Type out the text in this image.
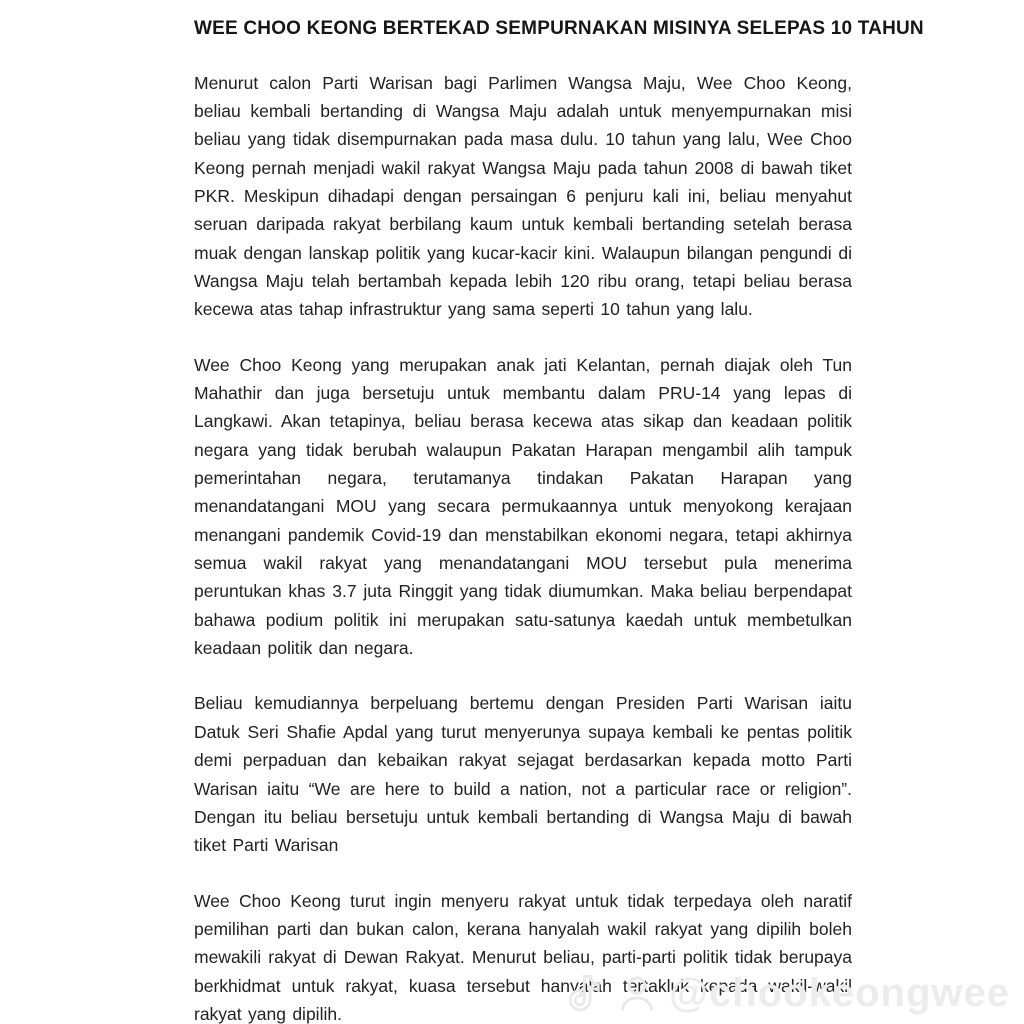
WEE CHOO KEONG BERTEKAD SEMPURNAKAN MISINYA SELEPAS 10 TAHUN

Menurut calon Parti Warisan bagi Parlimen Wangsa Maju, Wee Choo Keong, beliau kembali bertanding di Wangsa Maju adalah untuk menyempurnakan misi beliau yang tidak disempurnakan pada masa dulu. 10 tahun yang lalu, Wee Choo Keong pernah menjadi wakil rakyat Wangsa Maju pada tahun 2008 di bawah tiket PKR. Meskipun dihadapi dengan persaingan 6 penjuru kali ini, beliau menyahut seruan daripada rakyat berbilang kaum untuk kembali bertanding setelah berasa muak dengan lanskap politik yang kucar-kacir kini. Walaupun bilangan pengundi di Wangsa Maju telah bertambah kepada lebih 120 ribu orang, tetapi beliau berasa kecewa atas tahap infrastruktur yang sama seperti 10 tahun yang lalu.

Wee Choo Keong yang merupakan anak jati Kelantan, pernah diajak oleh Tun Mahathir dan juga bersetuju untuk membantu dalam PRU-14 yang lepas di Langkawi. Akan tetapinya, beliau berasa kecewa atas sikap dan keadaan politik negara yang tidak berubah walaupun Pakatan Harapan mengambil alih tampuk pemerintahan negara, terutamanya tindakan Pakatan Harapan yang menandatangani MOU yang secara permukaannya untuk menyokong kerajaan menangani pandemik Covid-19 dan menstabilkan ekonomi negara, tetapi akhirnya semua wakil rakyat yang menandatangani MOU tersebut pula menerima peruntukan khas 3.7 juta Ringgit yang tidak diumumkan. Maka beliau berpendapat bahawa podium politik ini merupakan satu-satunya kaedah untuk membetulkan keadaan politik dan negara.

Beliau kemudiannya berpeluang bertemu dengan Presiden Parti Warisan iaitu Datuk Seri Shafie Apdal yang turut menyerunya supaya kembali ke pentas politik demi perpaduan dan kebaikan rakyat sejagat berdasarkan kepada motto Parti Warisan iaitu “We are here to build a nation, not a particular race or religion”. Dengan itu beliau bersetuju untuk kembali bertanding di Wangsa Maju di bawah tiket Parti Warisan

Wee Choo Keong turut ingin menyeru rakyat untuk tidak terpedaya oleh naratif pemilihan parti dan bukan calon, kerana hanyalah wakil rakyat yang dipilih boleh mewakili rakyat di Dewan Rakyat. Menurut beliau, parti-parti politik tidak berupaya berkhidmat untuk rakyat, kuasa tersebut hanyalah tertakluk kepada wakil-wakil rakyat yang dipilih.	@chookeongwee
